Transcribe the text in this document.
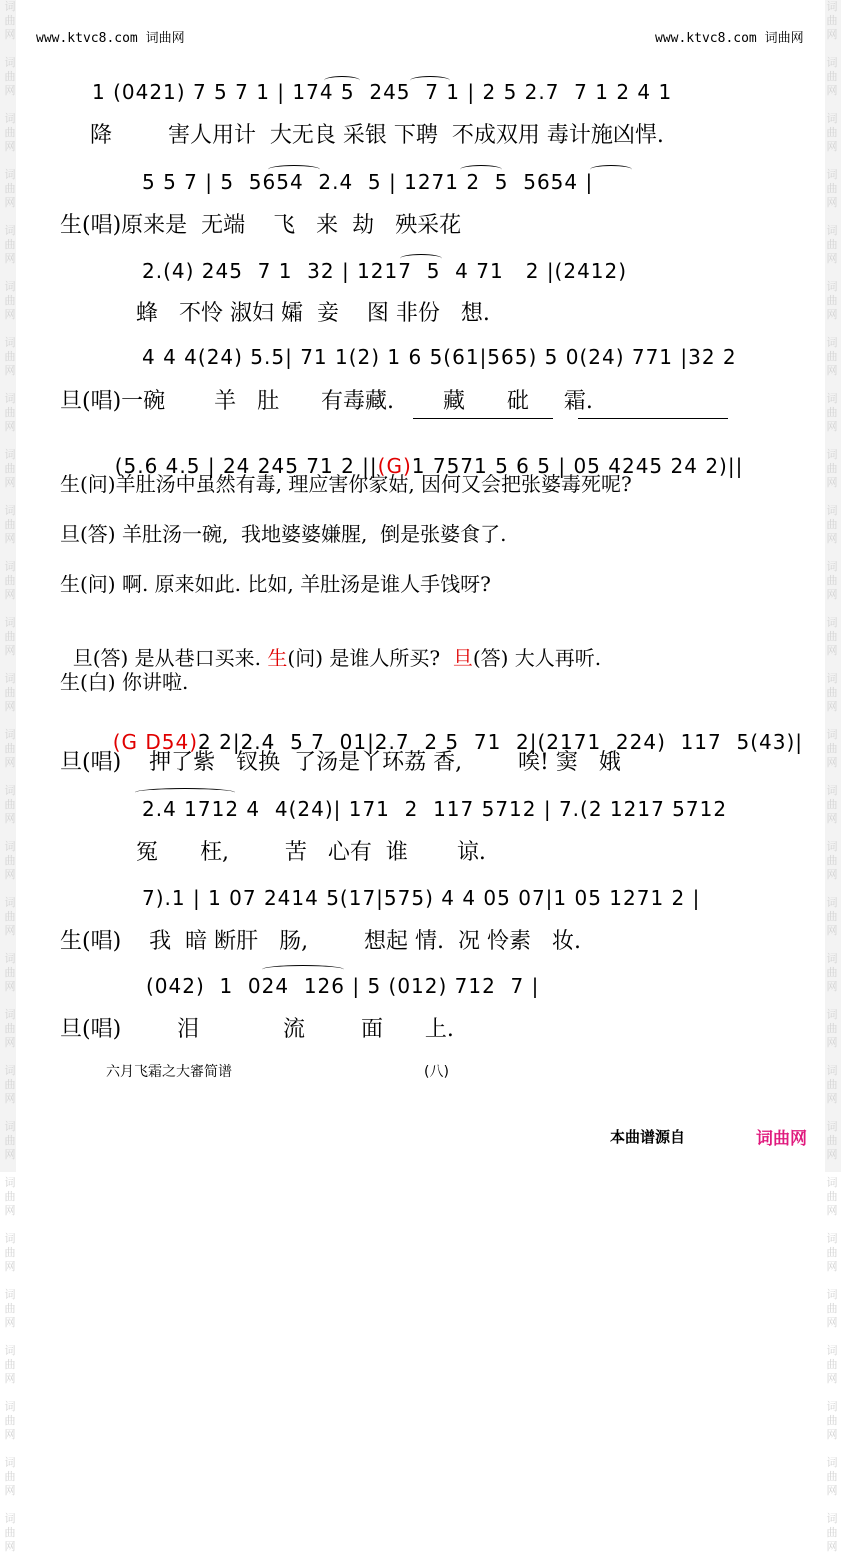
词
曲
网

词
曲
网

词
曲
网

词
曲
网

词
曲
网

词
曲
网

词
曲
网

词
曲
网

词
曲
网

词
曲
网

词
曲
网

词
曲
网

词
曲
网

词
曲
网

词
曲
网

词
曲
网

词
曲
网

词
曲
网

词
曲
网

词
曲
网

词
曲
网

词
曲
网

词
曲
网

词
曲
网

词
曲
网

词
曲
网

词
曲
网

词
曲
网
词
曲
网

词
曲
网

词
曲
网

词
曲
网

词
曲
网

词
曲
网

词
曲
网

词
曲
网

词
曲
网

词
曲
网

词
曲
网

词
曲
网

词
曲
网

词
曲
网

词
曲
网

词
曲
网

词
曲
网

词
曲
网

词
曲
网

词
曲
网

词
曲
网

词
曲
网

词
曲
网

词
曲
网

词
曲
网

词
曲
网

词
曲
网

词
曲
网
www.ktvc8.com 词曲网	www.ktvc8.com 词曲网
1 (0421) 7 5 7 1 | 174 5  245  7 1 | 2 5 2.7  7 1 2 4 1
降        害人用计  大无良 采银 下聘  不成双用 毒计施凶悍.
5 5 7 | 5  5654  2.4  5 | 1271 2  5  5654 |
生(唱)原来是  无端    飞   来  劫   殃采花
2.(4) 245  7 1  32 | 1217  5  4 71   2 |(2412)
蜂   不怜 淑妇 孀  妾    图 非份   想.
4 4 4(24) 5.5| 71 1(2) 1 6 5(61|565) 5 0(24) 771 |32 2
旦(唱)一碗       羊   肚      有毒藏.       藏      砒     霜.

(5.6 4.5 | 24 245 71 2 ||(G)1 7571 5 6 5 | 05 4245 24 2)||

生(问)羊肚汤中虽然有毒, 理应害你家姑, 因何又会把张婆毒死呢?
旦(答) 羊肚汤一碗,  我地婆婆嫌腥,  倒是张婆食了.
生(问) 啊. 原来如此. 比如, 羊肚汤是谁人手饯呀?

旦(答) 是从巷口买来. 生(问) 是谁人所买? 旦(答) 大人再听.

生(白) 你讲啦.

(G D54)2 2|2.4  5 7  01|2.7  2 5  71  2|(2171  224)  117  5(43)|

旦(唱)    押了紫   钗换  了汤是丫环荔 香,        唉! 窦   娥
2.4 1712 4  4(24)| 171  2  117 5712 | 7.(2 1217 5712
冤      枉,        苦   心有  谁       谅.
7).1 | 1 07 2414 5(17|575) 4 4 05 07|1 05 1271 2 |
生(唱)    我  暗 断肝   肠,        想起 情.  况 怜素   妆.
(042)  1  024  126 | 5 (012) 712  7 |
旦(唱)        泪            流        面      上.
六月飞霜之大審简谱	(八)
本曲谱源自	词曲网
